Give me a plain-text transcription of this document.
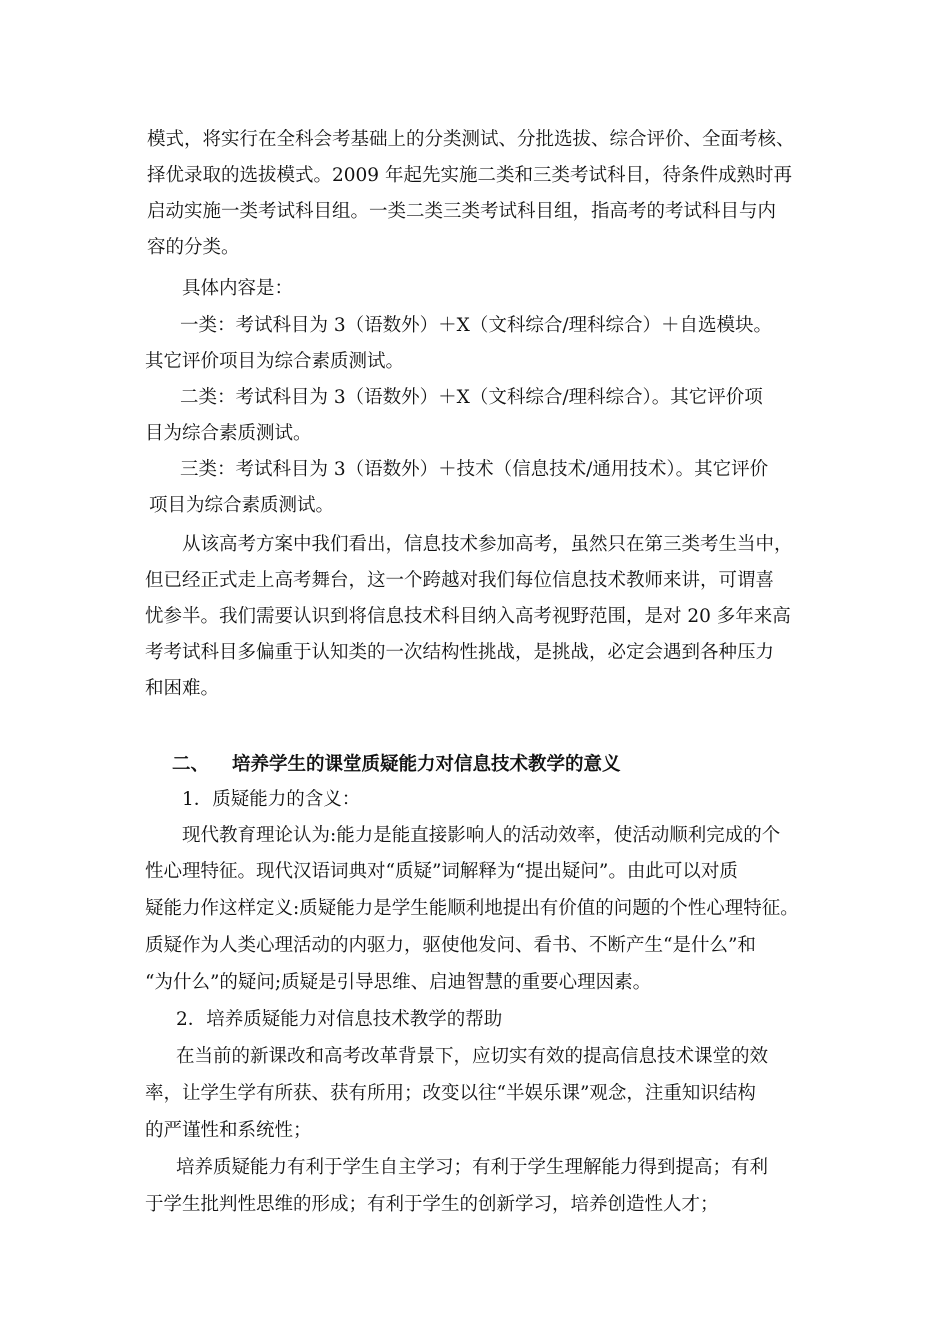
模式，将实行在全科会考基础上的分类测试、分批选拔、综合评价、全面考核、

择优录取的选拔模式。2009 年起先实施二类和三类考试科目，待条件成熟时再

启动实施一类考试科目组。一类二类三类考试科目组，指高考的考试科目与内

容的分类。

具体内容是：

一类：考试科目为 3（语数外）＋X（文科综合/理科综合）＋自选模块。

其它评价项目为综合素质测试。

二类：考试科目为 3（语数外）＋X（文科综合/理科综合）。其它评价项

目为综合素质测试。

三类：考试科目为 3（语数外）＋技术（信息技术/通用技术）。其它评价

项目为综合素质测试。

从该高考方案中我们看出，信息技术参加高考，虽然只在第三类考生当中，

但已经正式走上高考舞台，这一个跨越对我们每位信息技术教师来讲，可谓喜

忧参半。我们需要认识到将信息技术科目纳入高考视野范围，是对 20 多年来高

考考试科目多偏重于认知类的一次结构性挑战，是挑战，必定会遇到各种压力

和困难。

二、 培养学生的课堂质疑能力对信息技术教学的意义

1．质疑能力的含义：

现代教育理论认为:能力是能直接影响人的活动效率，使活动顺利完成的个

性心理特征。现代汉语词典对“质疑”词解释为“提出疑问”。由此可以对质

疑能力作这样定义:质疑能力是学生能顺利地提出有价值的问题的个性心理特征。

质疑作为人类心理活动的内驱力，驱使他发问、看书、不断产生“是什么”和

“为什么”的疑问;质疑是引导思维、启迪智慧的重要心理因素。

2．培养质疑能力对信息技术教学的帮助

在当前的新课改和高考改革背景下，应切实有效的提高信息技术课堂的效

率，让学生学有所获、获有所用；改变以往“半娱乐课”观念，注重知识结构

的严谨性和系统性；

培养质疑能力有利于学生自主学习；有利于学生理解能力得到提高；有利

于学生批判性思维的形成；有利于学生的创新学习，培养创造性人才；
